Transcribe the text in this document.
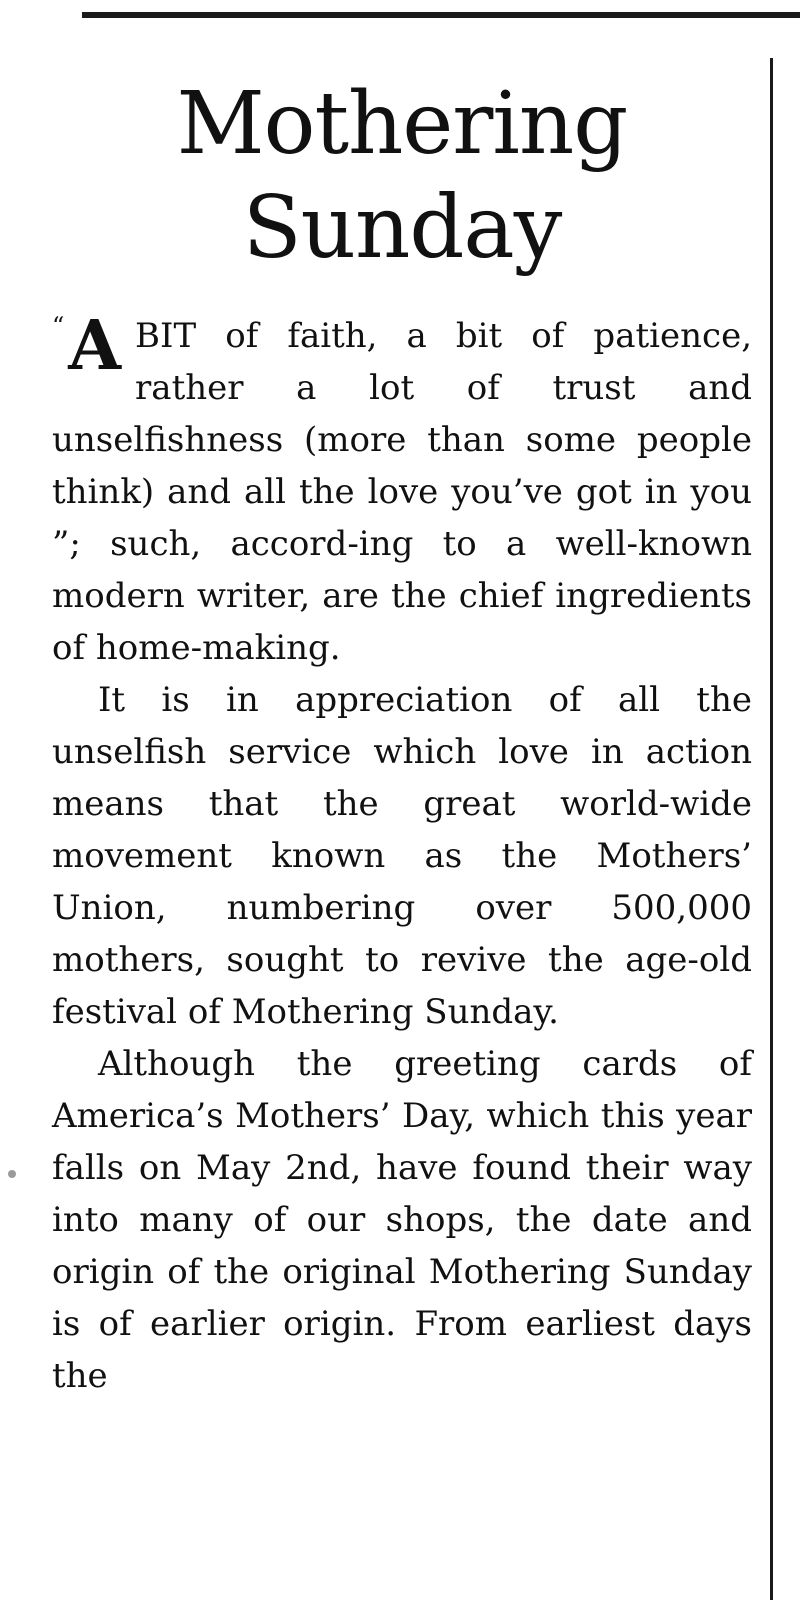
Mothering
Sunday

“ A BIT of faith, a bit of patience, rather a lot of trust and unselfishness (more than some people think) and all the love you’ve got in you ”; such, accord-ing to a well-known modern writer, are the chief ingredients of home-making.

It is in appreciation of all the unselfish service which love in action means that the great world-wide movement known as the Mothers’ Union, numbering over 500,000 mothers, sought to revive the age-old festival of Mothering Sunday.

Although the greeting cards of America’s Mothers’ Day, which this year falls on May 2nd, have found their way into many of our shops, the date and origin of the original Mothering Sunday is of earlier origin. From earliest days the
